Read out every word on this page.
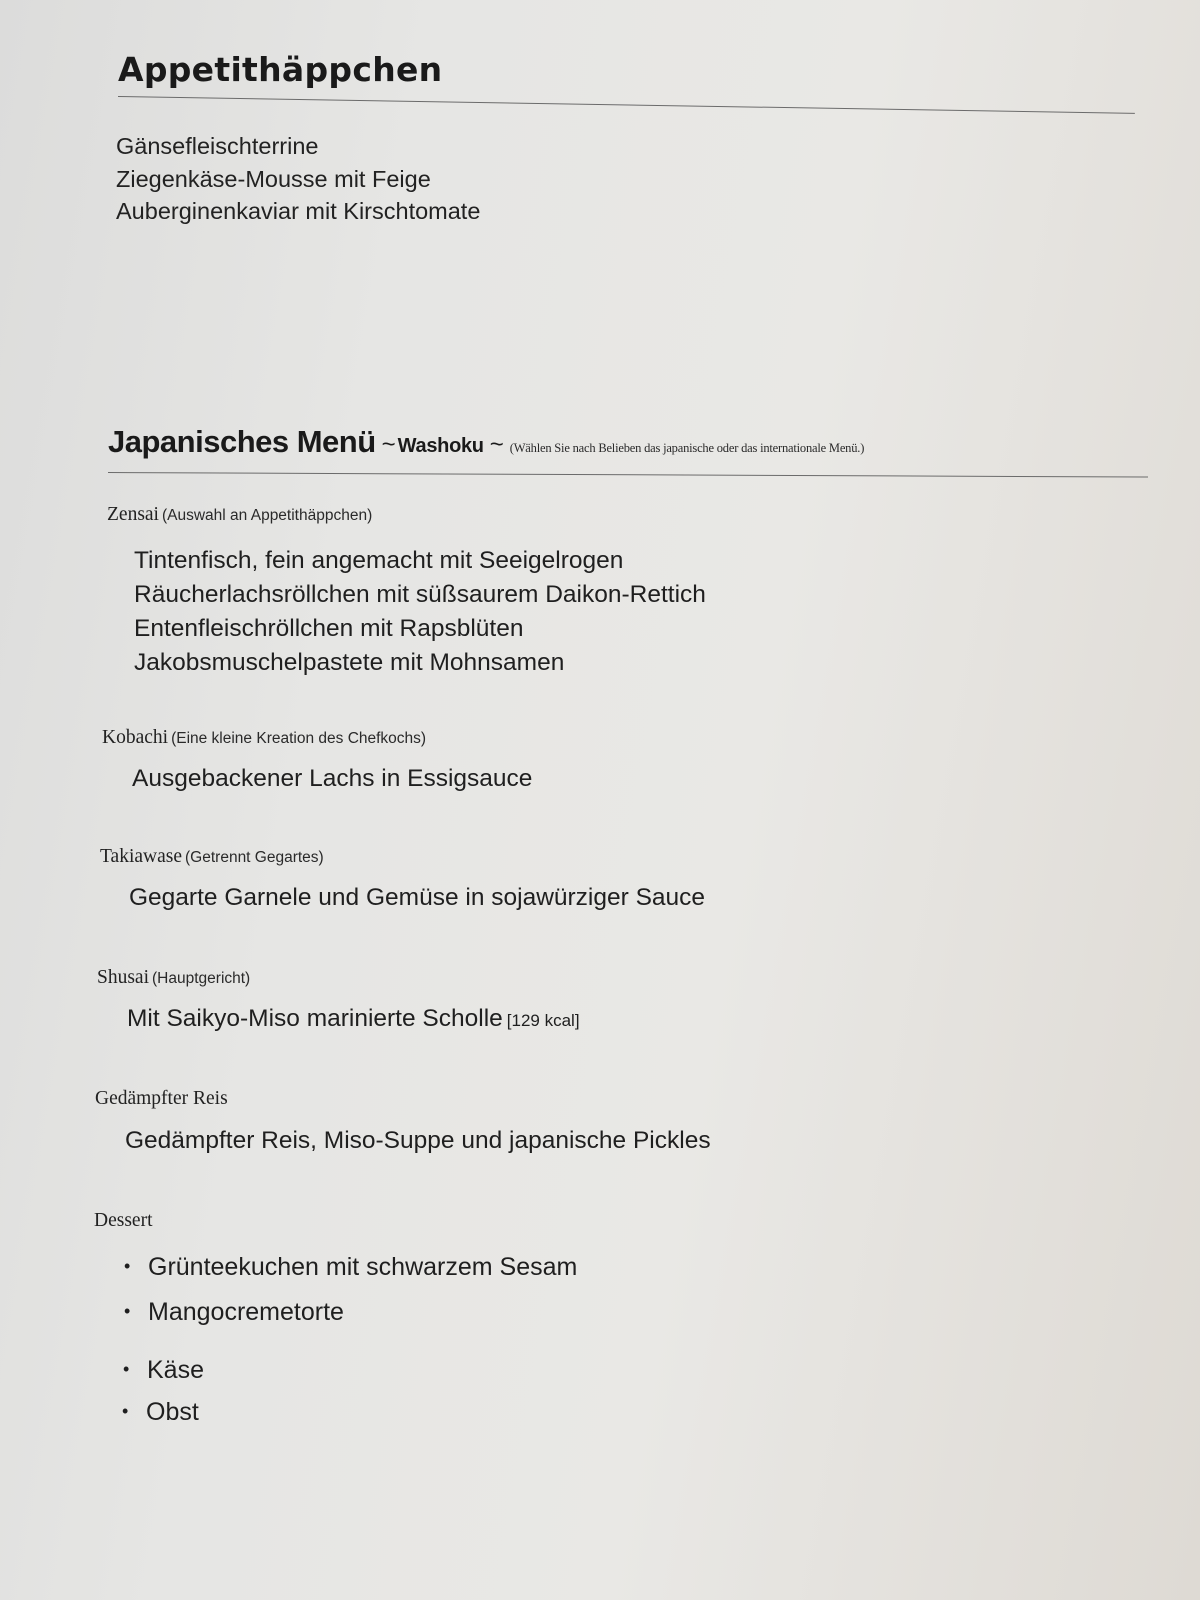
Appetithäppchen
Gänsefleischterrine
Ziegenkäse-Mousse mit Feige
Auberginenkaviar mit Kirschtomate
Japanisches Menü ~ Washoku ~ (Wählen Sie nach Belieben das japanische oder das internationale Menü.)
Zensai (Auswahl an Appetithäppchen)
Tintenfisch, fein angemacht mit Seeigelrogen
Räucherlachsröllchen mit süßsaurem Daikon-Rettich
Entenfleischröllchen mit Rapsblüten
Jakobsmuschelpastete mit Mohnsamen
Kobachi (Eine kleine Kreation des Chefkochs)
Ausgebackener Lachs in Essigsauce
Takiawase (Getrennt Gegartes)
Gegarte Garnele und Gemüse in sojawürziger Sauce
Shusai (Hauptgericht)
Mit Saikyo-Miso marinierte Scholle [129 kcal]
Gedämpfter Reis
Gedämpfter Reis, Miso-Suppe und japanische Pickles
Dessert
• Grünteekuchen mit schwarzem Sesam
• Mangocremetorte
• Käse
• Obst
